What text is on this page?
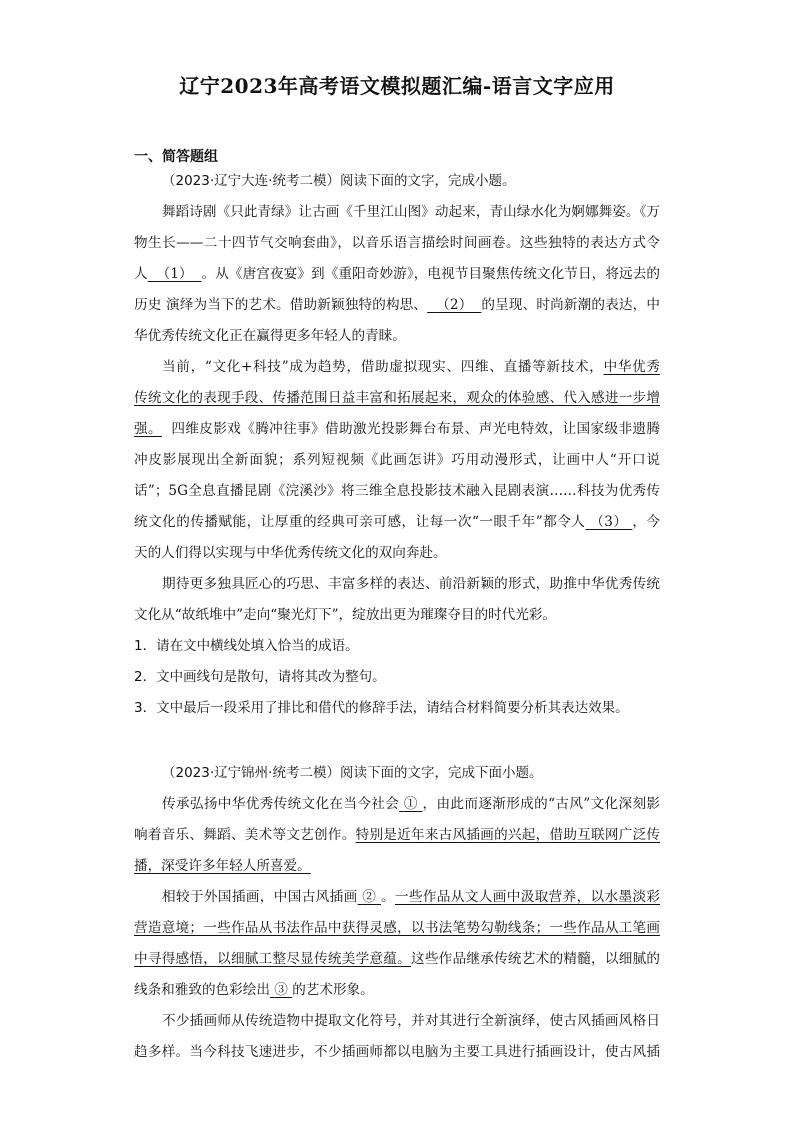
辽宁2023年高考语文模拟题汇编-语言文字应用
一、简答题组
（2023·辽宁大连·统考二模）阅读下面的文字，完成小题。
舞蹈诗剧《只此青绿》让古画《千里江山图》动起来，青山绿水化为婀娜舞姿。《万
物生长——二十四节气交响套曲》，以音乐语言描绘时间画卷。这些独特的表达方式令
人 （1） 。从《唐宫夜宴》到《重阳奇妙游》，电视节目聚焦传统文化节日，将远去的
历史 演绎为当下的艺术。借助新颖独特的构思、 （2） 的呈现、时尚新潮的表达，中
华优秀传统文化正在赢得更多年轻人的青睐。
当前，“文化+科技”成为趋势，借助虚拟现实、四维、直播等新技术，中华优秀
传统文化的表现手段、传播范围日益丰富和拓展起来，观众的体验感、代入感进一步增
强。 四维皮影戏《腾冲往事》借助激光投影舞台布景、声光电特效，让国家级非遗腾
冲皮影展现出全新面貌；系列短视频《此画怎讲》巧用动漫形式，让画中人“开口说
话”；5G全息直播昆剧《浣溪沙》将三维全息投影技术融入昆剧表演……科技为优秀传
统文化的传播赋能，让厚重的经典可亲可感，让每一次“一眼千年”都令人 （3） ，今
天的人们得以实现与中华优秀传统文化的双向奔赴。
期待更多独具匠心的巧思、丰富多样的表达、前沿新颖的形式，助推中华优秀传统
文化从“故纸堆中”走向“聚光灯下”，绽放出更为璀璨夺目的时代光彩。
1．请在文中横线处填入恰当的成语。
2．文中画线句是散句，请将其改为整句。
3．文中最后一段采用了排比和借代的修辞手法，请结合材料简要分析其表达效果。
（2023·辽宁锦州·统考二模）阅读下面的文字，完成下面小题。
传承弘扬中华优秀传统文化在当今社会 ① ，由此而逐渐形成的“古风”文化深刻影
响着音乐、舞蹈、美术等文艺创作。特别是近年来古风插画的兴起，借助互联网广泛传
播，深受许多年轻人所喜爱。
相较于外国插画，中国古风插画 ② 。一些作品从文人画中汲取营养，以水墨淡彩
营造意境；一些作品从书法作品中获得灵感，以书法笔势勾勒线条；一些作品从工笔画
中寻得感悟，以细腻工整尽显传统美学意蕴。这些作品继承传统艺术的精髓，以细腻的
线条和雅致的色彩绘出 ③ 的艺术形象。
不少插画师从传统造物中提取文化符号，并对其进行全新演绎，使古风插画风格日
趋多样。当今科技飞速进步，不少插画师都以电脑为主要工具进行插画设计，使古风插
